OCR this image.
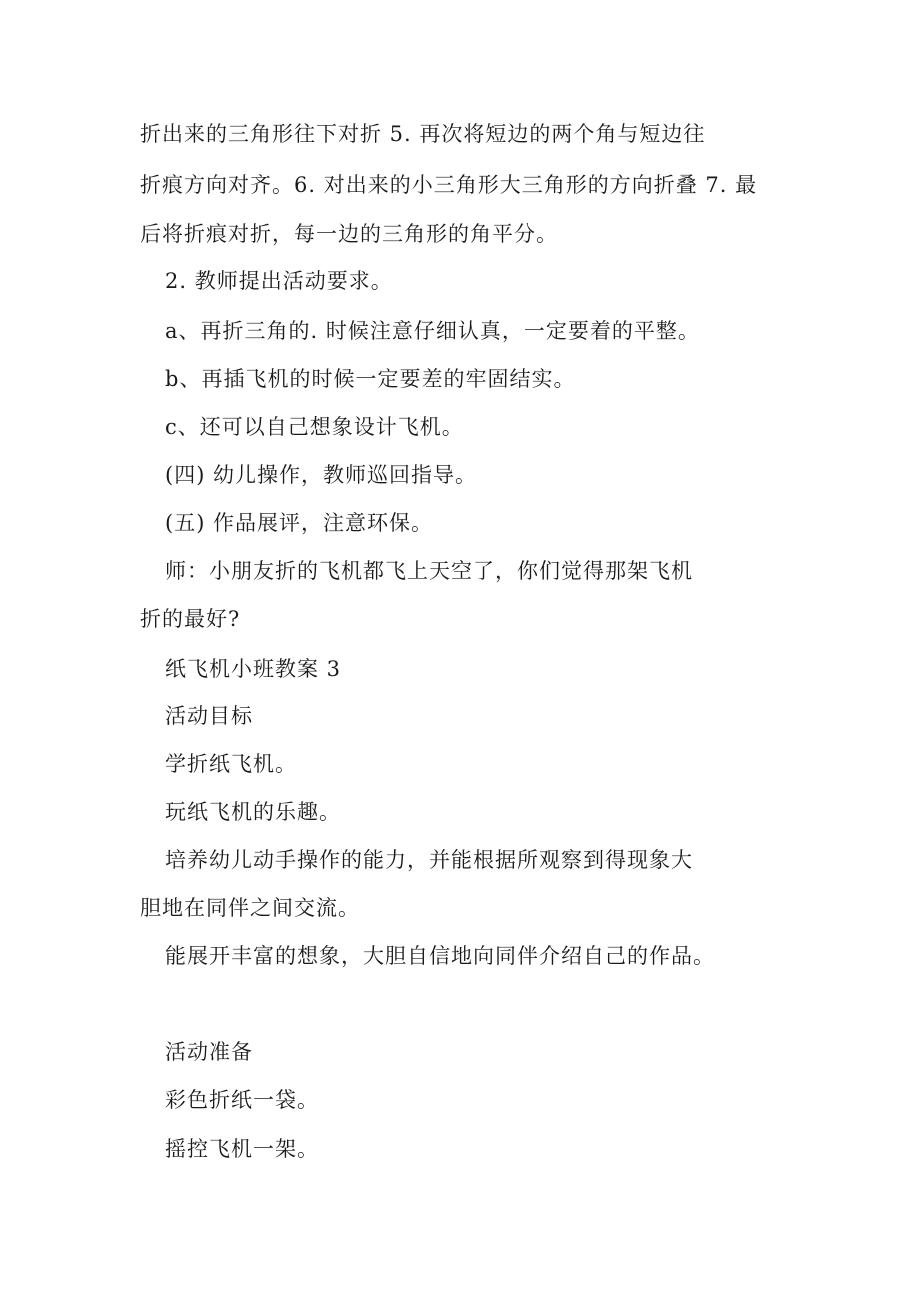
折出来的三角形往下对折 5. 再次将短边的两个角与短边往
折痕方向对齐。6. 对出来的小三角形大三角形的方向折叠 7. 最
后将折痕对折，每一边的三角形的角平分。
2. 教师提出活动要求。
a、再折三角的. 时候注意仔细认真，一定要着的平整。
b、再插飞机的时候一定要差的牢固结实。
c、还可以自己想象设计飞机。
(四) 幼儿操作，教师巡回指导。
(五) 作品展评，注意环保。
师：小朋友折的飞机都飞上天空了，你们觉得那架飞机
折的最好?
纸飞机小班教案 3
活动目标
学折纸飞机。
玩纸飞机的乐趣。
培养幼儿动手操作的能力，并能根据所观察到得现象大
胆地在同伴之间交流。
能展开丰富的想象，大胆自信地向同伴介绍自己的作品。
活动准备
彩色折纸一袋。
摇控飞机一架。
